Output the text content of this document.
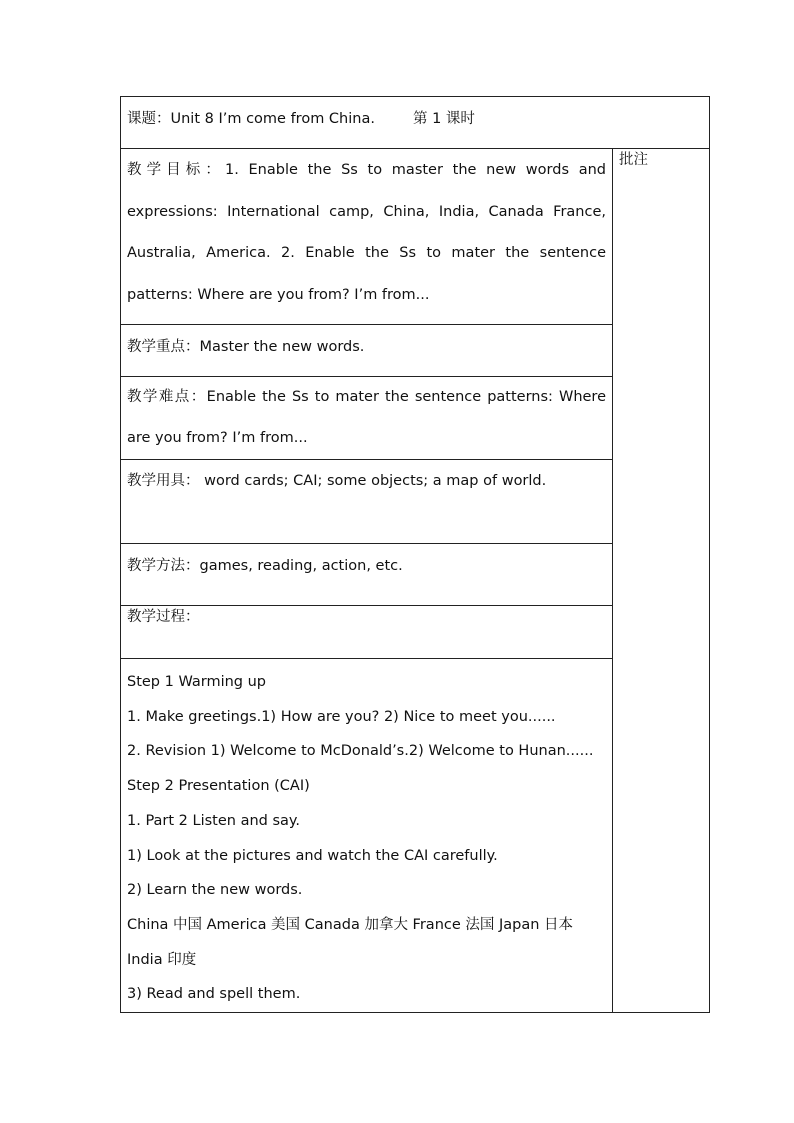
课题：Unit 8 I’m come from China.	第 1 课时

教学目标：1. Enable the Ss to master the new words and expressions: International camp, China, India, Canada France, Australia, America. 2. Enable the Ss to mater the sentence patterns: Where are you from? I’m from...

批注

教学重点：Master the new words.

教学难点：Enable the Ss to mater the sentence patterns: Where are you from? I’m from...

教学用具： word cards; CAI; some objects; a map of world.

教学方法：games, reading, action, etc.

教学过程：

Step 1 Warming up
1. Make greetings.1) How are you? 2) Nice to meet you......
2. Revision 1) Welcome to McDonald’s.2) Welcome to Hunan......
Step 2 Presentation (CAI)
1. Part 2 Listen and say.
1) Look at the pictures and watch the CAI carefully.
2) Learn the new words.
China 中国 America 美国 Canada 加拿大 France 法国 Japan 日本 India 印度
3) Read and spell them.
